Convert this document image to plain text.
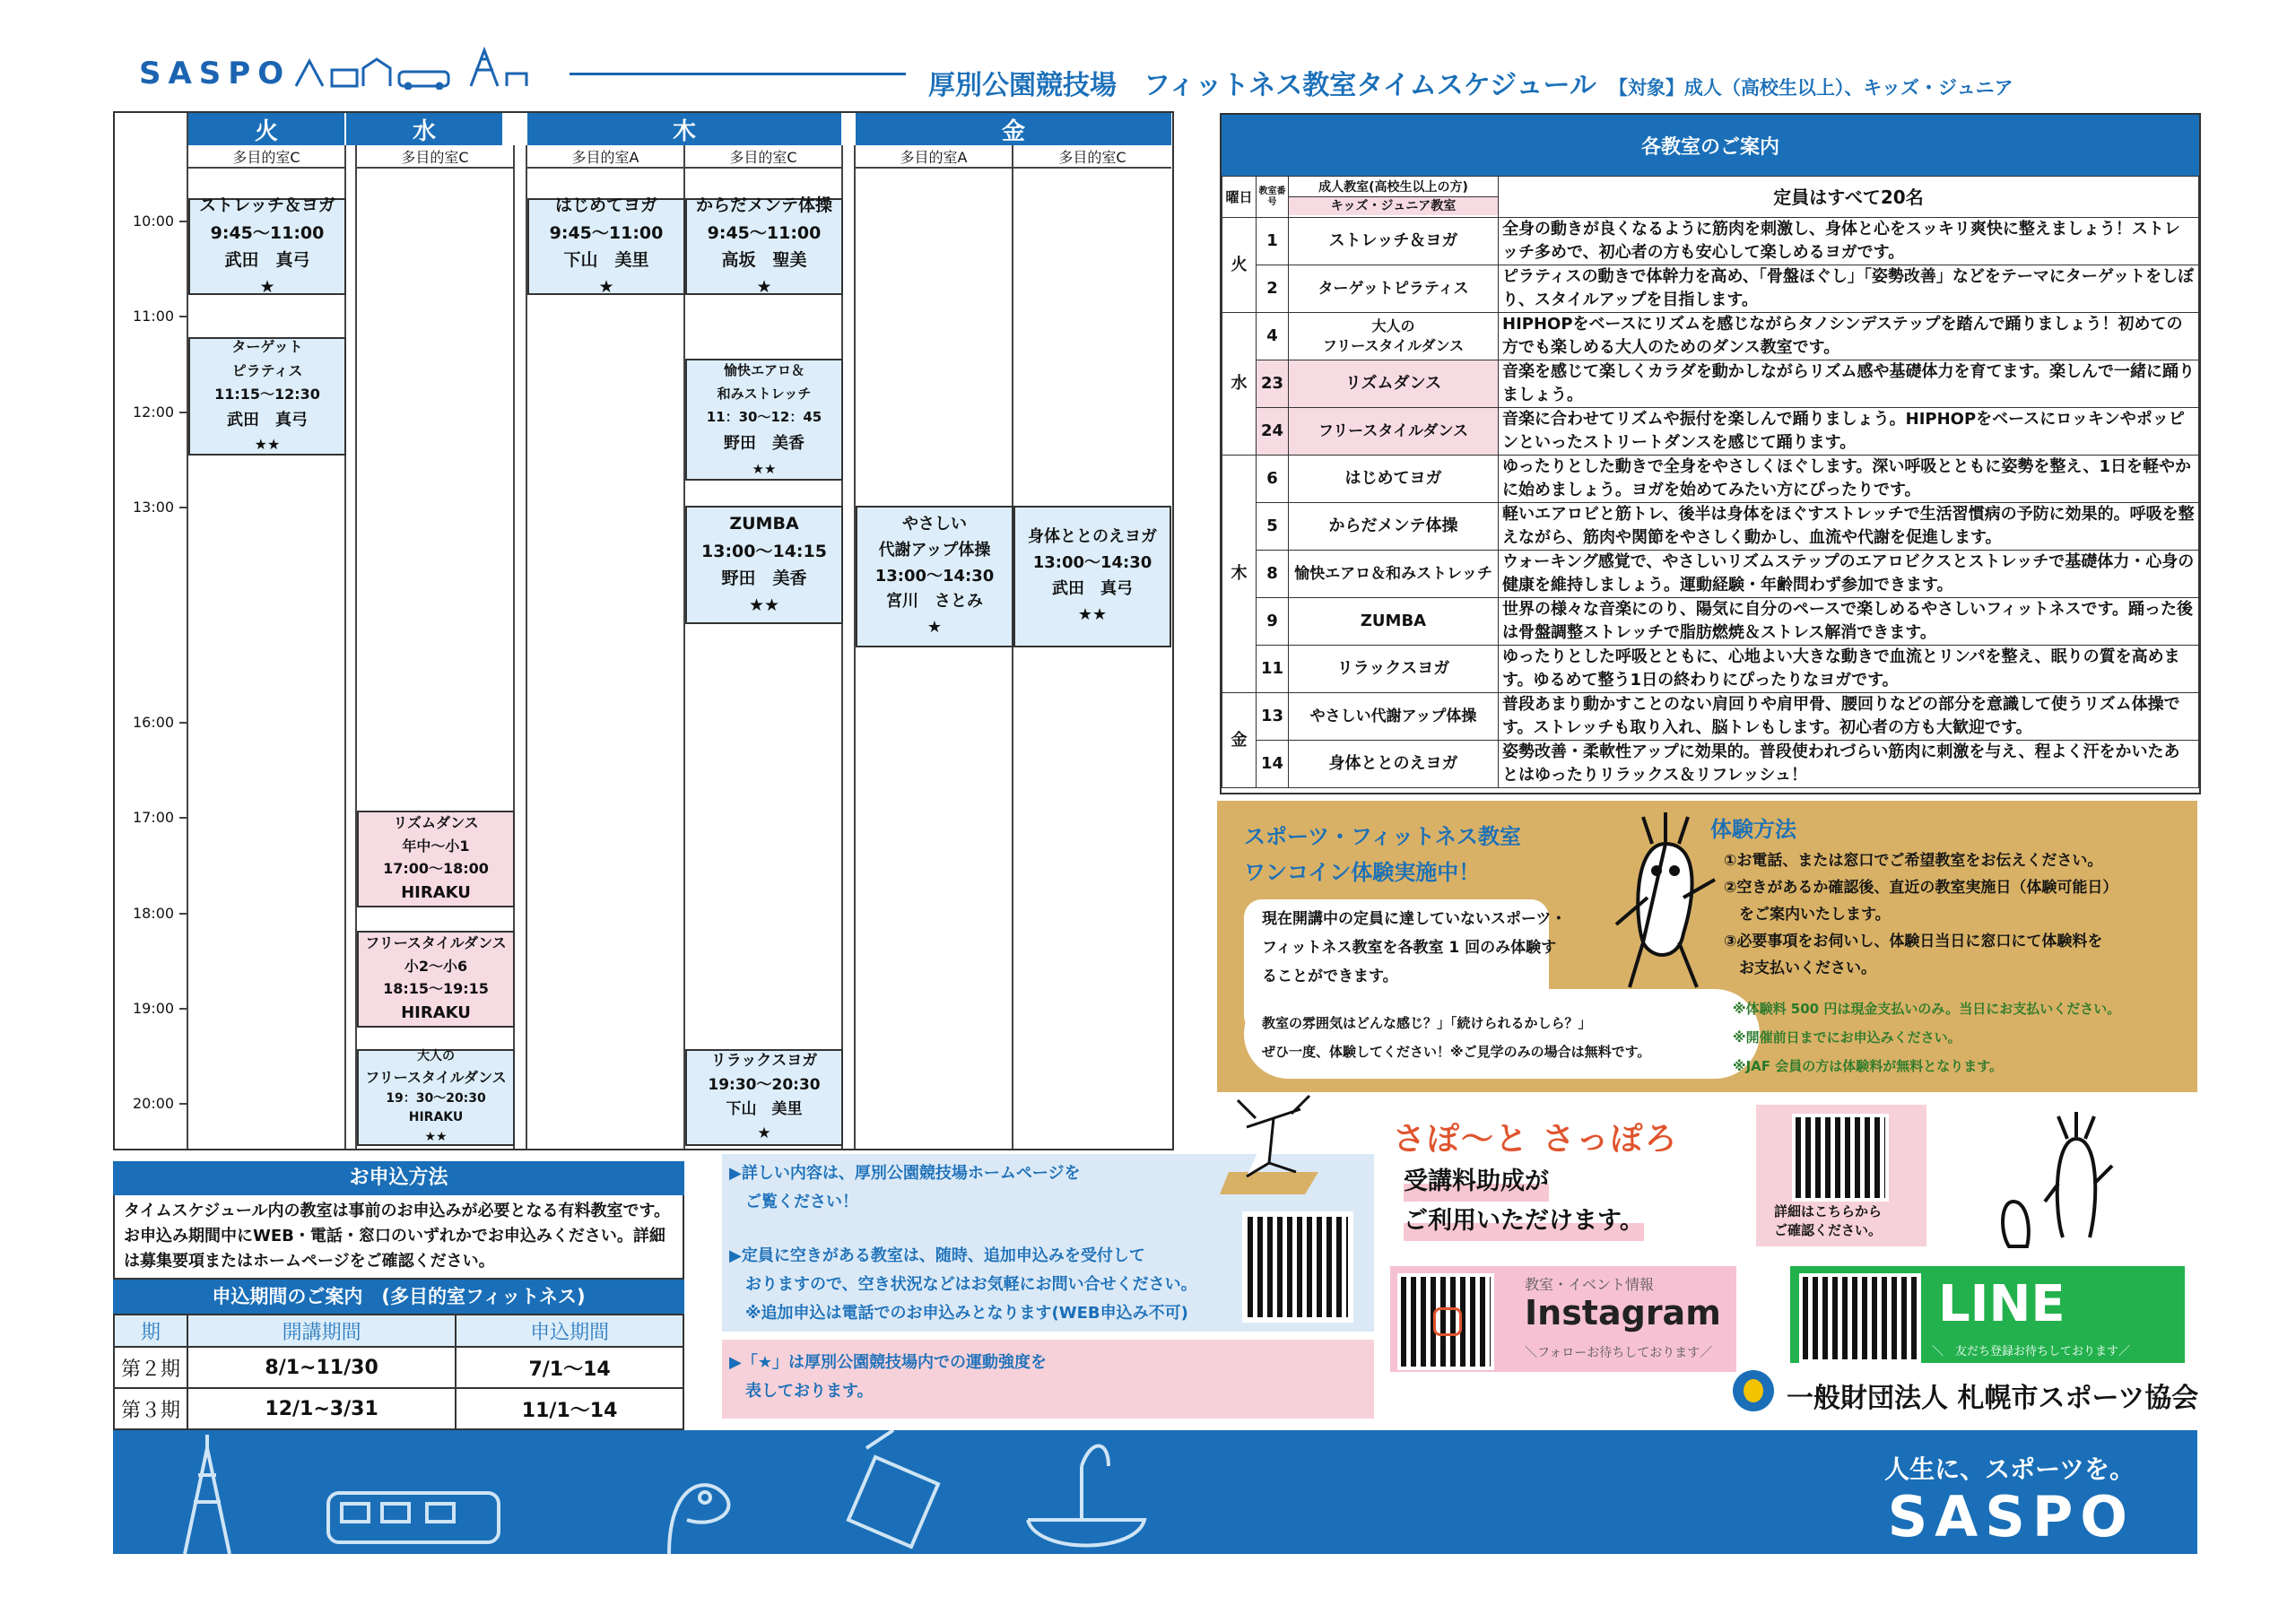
SASPO	厚別公園競技場　フィットネス教室タイムスケジュール 【対象】成人（高校生以上）、キッズ・ジュニア
火	水	木	金
多目的室C	多目的室C	多目的室A	多目的室C	多目的室A	多目的室C
10:00
11:00
12:00
13:00
16:00
17:00
18:00
19:00
20:00
ストレッチ＆ヨガ
9:45～11:00
武田　真弓
★
ターゲット
ピラティス
11:15～12:30
武田　真弓
★★
リズムダンス
年中～小1
17:00～18:00
HIRAKU
フリースタイルダンス
小2～小6
18:15～19:15
HIRAKU
大人の
フリースタイルダンス
19：30～20:30
HIRAKU
★★
はじめてヨガ
9:45～11:00
下山　美里
★
からだメンテ体操
9:45～11:00
高坂　聖美
★
愉快エアロ＆
和みストレッチ
11：30～12：45
野田　美香
★★
ZUMBA
13:00～14:15
野田　美香
★★
リラックスヨガ
19:30～20:30
下山　美里
★
やさしい
代謝アップ体操
13:00～14:30
宮川　さとみ
★
身体ととのえヨガ
13:00～14:30
武田　真弓
★★
各教室のご案内
曜日	教室番号	成人教室(高校生以上の方)
キッズ・ジュニア教室	定員はすべて20名
火	1	ストレッチ＆ヨガ	全身の動きが良くなるように筋肉を刺激し、身体と心をスッキリ爽快に整えましょう！ストレッチ多めで、初心者の方も安心して楽しめるヨガです。
	2	ターゲットピラティス	ピラティスの動きで体幹力を高め、「骨盤ほぐし」「姿勢改善」などをテーマにターゲットをしぼり、スタイルアップを目指します。
水	4	大人の
フリースタイルダンス	HIPHOPをベースにリズムを感じながらタノシンデステップを踏んで踊りましょう！初めての方でも楽しめる大人のためのダンス教室です。
	23	リズムダンス	音楽を感じて楽しくカラダを動かしながらリズム感や基礎体力を育てます。楽しんで一緒に踊りましょう。
	24	フリースタイルダンス	音楽に合わせてリズムや振付を楽しんで踊りましょう。HIPHOPをベースにロッキンやポッピンといったストリートダンスを感じて踊ります。
木	6	はじめてヨガ	ゆったりとした動きで全身をやさしくほぐします。深い呼吸とともに姿勢を整え、1日を軽やかに始めましょう。ヨガを始めてみたい方にぴったりです。
	5	からだメンテ体操	軽いエアロビと筋トレ、後半は身体をほぐすストレッチで生活習慣病の予防に効果的。呼吸を整えながら、筋肉や関節をやさしく動かし、血流や代謝を促進します。
	8	愉快エアロ＆和みストレッチ	ウォーキング感覚で、やさしいリズムステップのエアロビクスとストレッチで基礎体力・心身の健康を維持しましょう。運動経験・年齢問わず参加できます。
	9	ZUMBA	世界の様々な音楽にのり、陽気に自分のペースで楽しめるやさしいフィットネスです。踊った後は骨盤調整ストレッチで脂肪燃焼＆ストレス解消できます。
	11	リラックスヨガ	ゆったりとした呼吸とともに、心地よい大きな動きで血流とリンパを整え、眠りの質を高めます。ゆるめて整う1日の終わりにぴったりなヨガです。
金	13	やさしい代謝アップ体操	普段あまり動かすことのない肩回りや肩甲骨、腰回りなどの部分を意識して使うリズム体操です。ストレッチも取り入れ、脳トレもします。初心者の方も大歓迎です。
	14	身体ととのえヨガ	姿勢改善・柔軟性アップに効果的。普段使われづらい筋肉に刺激を与え、程よく汗をかいたあとはゆったりリラックス＆リフレッシュ！
スポーツ・フィットネス教室
ワンコイン体験実施中！
現在開講中の定員に達していないスポーツ・
フィットネス教室を各教室 1 回のみ体験す
ることができます。
教室の雰囲気はどんな感じ？」「続けられるかしら？」
ぜひ一度、体験してください！※ご見学のみの場合は無料です。
体験方法
①お電話、または窓口でご希望教室をお伝えください。
②空きがあるか確認後、直近の教室実施日（体験可能日）
　をご案内いたします。
③必要事項をお伺いし、体験日当日に窓口にて体験料を
　お支払いください。
※体験料 500 円は現金支払いのみ。当日にお支払いください。
※開催前日までにお申込みください。
※JAF 会員の方は体験料が無料となります。
お申込方法
タイムスケジュール内の教室は事前のお申込みが必要となる有料教室です。お申込み期間中にWEB・電話・窓口のいずれかでお申込みください。詳細は募集要項またはホームページをご確認ください。
申込期間のご案内　(多目的室フィットネス)
期	開講期間	申込期間
第２期	8/1~11/30	7/1～14
第３期	12/1~3/31	11/1～14
▶詳しい内容は、厚別公園競技場ホームページを
　ご覧ください！
▶定員に空きがある教室は、随時、追加申込みを受付して
　おりますので、空き状況などはお気軽にお問い合せください。
　※追加申込は電話でのお申込みとなります(WEB申込み不可)
▶「★」は厚別公園競技場内での運動強度を
　表しております。
さぽ～と さっぽろ
受講料助成が
ご利用いただけます。	詳細はこちらから
ご確認ください。
教室・イベント情報
Instagram
＼フォローお待ちしております／
LINE
＼　友だち登録お待ちしております／
一般財団法人 札幌市スポーツ協会
人生に、スポーツを。
SASPO
